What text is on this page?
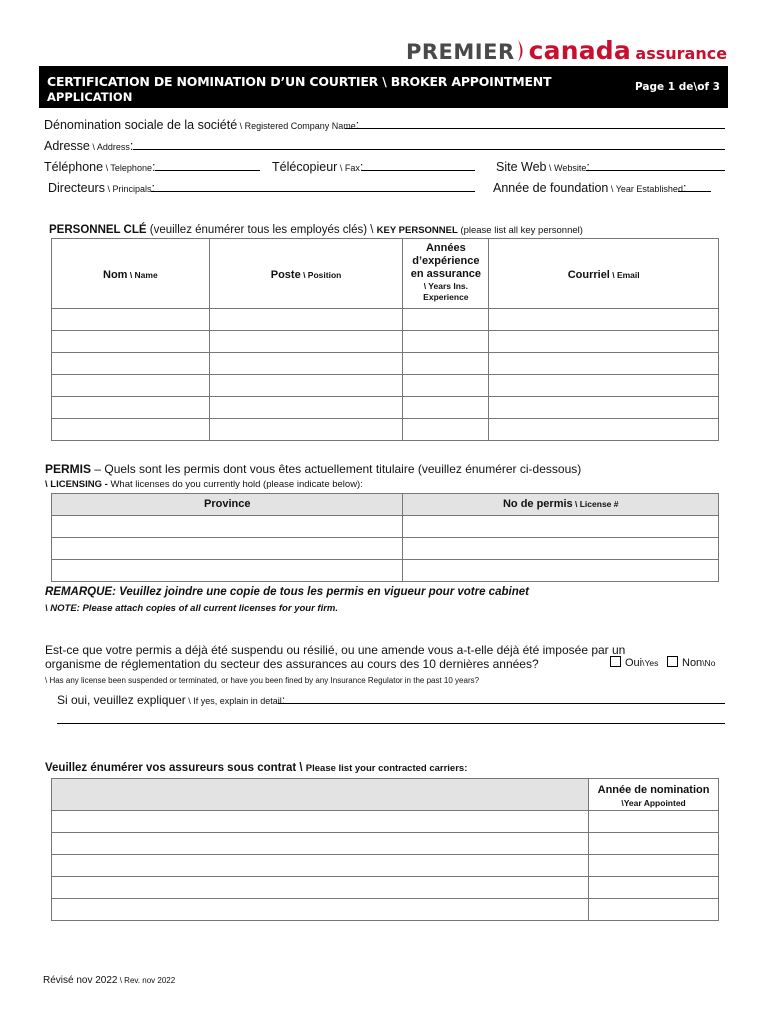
PREMIER canada assurance
CERTIFICATION DE NOMINATION D’UN COURTIER \ BROKER APPOINTMENT
APPLICATION
Page 1 de\of 3
Dénomination sociale de la société \ Registered Company Name:
Adresse \ Address:
Téléphone \ Telephone:	Télécopieur \ Fax:	Site Web \ Website:
Directeurs \ Principals:	Année de foundation \ Year Established:
PERSONNEL CLÉ (veuillez énumérer tous les employés clés) \ KEY PERSONNEL (please list all key personnel)
Nom \ Name	Poste \ Position	Années
d’expérience
en assurance
\ Years Ins.
Experience	Courriel \ Email

PERMIS – Quels sont les permis dont vous êtes actuellement titulaire (veuillez énumérer ci-dessous)
\ LICENSING - What licenses do you currently hold (please indicate below):
Province	No de permis \ License #

REMARQUE: Veuillez joindre une copie de tous les permis en vigueur pour votre cabinet
\ NOTE: Please attach copies of all current licenses for your firm.
Est-ce que votre permis a déjà été suspendu ou résilié, ou une amende vous a-t-elle déjà été imposée par un
organisme de réglementation du secteur des assurances au cours des 10 dernières années?
\ Has any license been suspended or terminated, or have you been fined by any Insurance Regulator in the past 10 years?
Oui\Yes	Non\No
Si oui, veuillez expliquer \ If yes, explain in detail:
Veuillez énumérer vos assureurs sous contrat \ Please list your contracted carriers:

	Année de nomination
\Year Appointed

Révisé nov 2022 \ Rev. nov 2022
